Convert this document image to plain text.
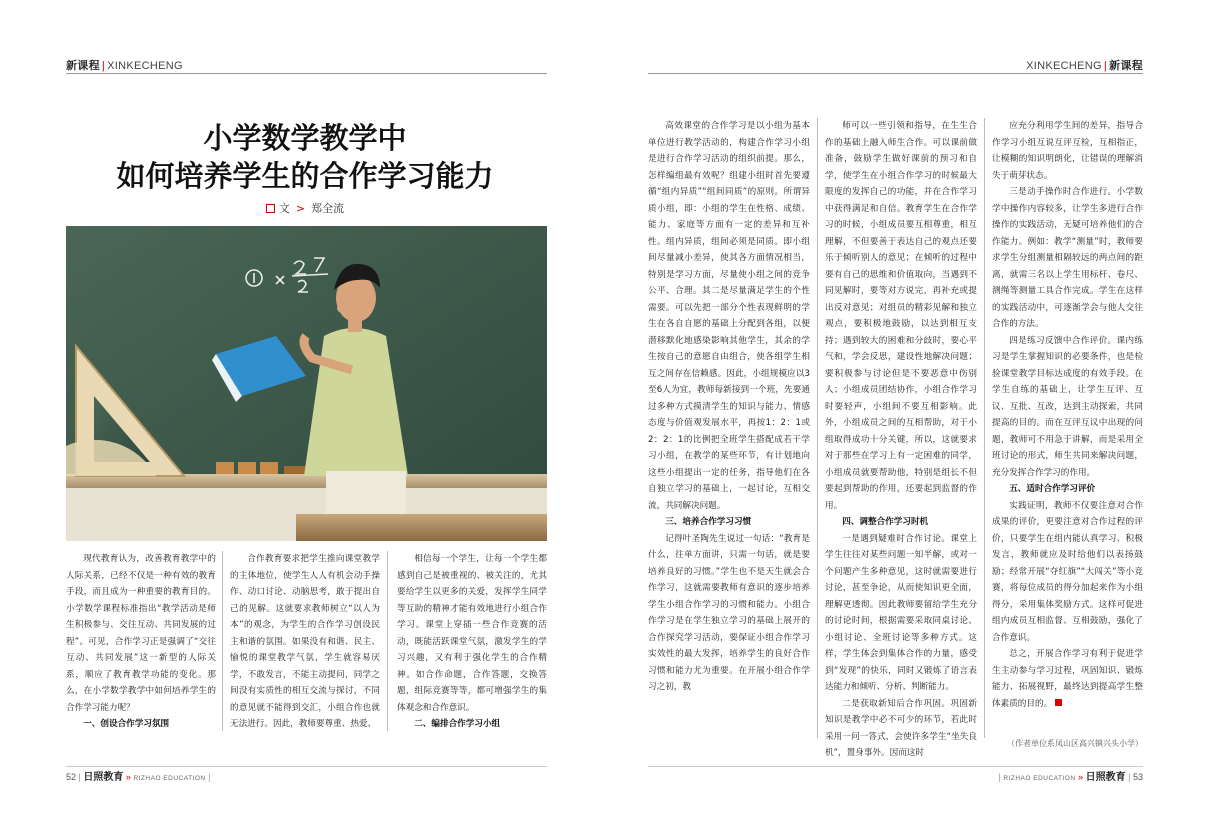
新课程 | XINKECHENG	XINKECHENG | 新课程
小学数学教学中
如何培养学生的合作学习能力
文 > 郑全流

现代教育认为，改善教育教学中的人际关系，已经不仅是一种有效的教育手段，而且成为一种重要的教育目的。小学数学课程标准指出“教学活动是师生积极参与、交往互动、共同发展的过程”。可见，合作学习正是强调了“交往互动、共同发展”这一新型的人际关系，顺应了教育教学功能的变化。那么，在小学数学教学中如何培养学生的合作学习能力呢？

一、创设合作学习氛围

合作教育要求把学生推向课堂教学的主体地位，使学生人人有机会动手操作、动口讨论、动脑思考，敢于提出自己的见解。这就要求教师树立“以人为本”的观念，为学生的合作学习创设民主和谐的氛围。如果没有和谐、民主、愉悦的课堂教学气氛，学生就容易厌学，不敢发言，不能主动提问，同学之间没有实质性的相互交流与探讨，不同的意见就不能得到交汇，小组合作也就无法进行。因此，教师要尊重、热爱、

相信每一个学生，让每一个学生都感到自己是被重视的、被关注的，尤其要给学生以更多的关爱，发挥学生同学等互助的精神才能有效地进行小组合作学习。课堂上穿插一些合作竞赛的活动，既能活跃课堂气氛，激发学生的学习兴趣，又有利于强化学生的合作精神。如合作命题，合作答题，交换答题，组际竞赛等等，都可增强学生的集体观念和合作意识。

二、编排合作学习小组

高效课堂的合作学习是以小组为基本单位进行教学活动的，构建合作学习小组是进行合作学习活动的组织前提。那么，怎样编组最有效呢？组建小组时首先要遵循“组内异质”“组间同质”的原则。所谓异质小组，即：小组的学生在性格、成绩、能力、家庭等方面有一定的差异和互补性。组内异质，组间必须是同质。即小组间尽量减小差异，使其各方面情况相当，特别是学习方面，尽量使小组之间的竞争公平、合理。其二是尽量满足学生的个性需要。可以先把一部分个性表现鲜明的学生在各自自愿的基础上分配到各组，以便潜移默化地感染影响其他学生，其余的学生按自己的意愿自由组合，使各组学生相互之间存在信赖感。因此，小组规模应以3至6人为宜，教师每新接到一个班，先要通过多种方式摸清学生的知识与能力、情感态度与价值观发展水平，再按1：2：1或2：2：1的比例把全班学生搭配成若干学习小组，在教学的某些环节，有计划地向这些小组提出一定的任务，指导他们在各自独立学习的基础上，一起讨论，互相交流，共同解决问题。

三、培养合作学习习惯

记得叶圣陶先生说过一句话：“教育是什么，往单方面讲，只需一句话，就是要培养良好的习惯。”学生也不是天生就会合作学习，这就需要教师有意识的逐步培养学生小组合作学习的习惯和能力。小组合作学习是在学生独立学习的基础上展开的合作探究学习活动，要保证小组合作学习实效性的最大发挥，培养学生的良好合作习惯和能力尤为重要。在开展小组合作学习之初，教

师可以一些引领和指导，在生生合作的基础上融入师生合作。可以课前做准备，鼓励学生做好课前的预习和自学，使学生在小组合作学习的时候最大限度的发挥自己的功能，并在合作学习中获得满足和自信。教育学生在合作学习的时候，小组成员要互相尊重，相互理解，不但要善于表达自己的观点还要乐于倾听别人的意见；在倾听的过程中要有自己的思维和价值取向，当遇到不同见解时，要等对方说完，再补充或提出反对意见；对组员的精彩见解和独立观点，要积极地鼓励，以达到相互支持；遇到较大的困难和分歧时，要心平气和，学会反思，建设性地解决问题；要积极参与讨论但是不要恶意中伤别人；小组成员团结协作，小组合作学习时要轻声，小组间不要互相影响。此外，小组成员之间的互相帮助，对于小组取得成功十分关键，所以，这就要求对于那些在学习上有一定困难的同学，小组成员就要帮助他，特别是组长不但要起到帮助的作用，还要起到监督的作用。

四、调整合作学习时机

一是遇到疑难时合作讨论。课堂上学生往往对某些问题一知半解，或对一个问题产生多种意见，这时就需要进行讨论，甚至争论，从而使知识更全面，理解更透彻。因此教师要留给学生充分的讨论时间，根据需要采取同桌讨论、小组讨论、全班讨论等多种方式。这样，学生体会到集体合作的力量，感受到“发现”的快乐，同时又锻炼了语言表达能力和倾听、分析、判断能力。

二是获取新知后合作巩固。巩固新知识是教学中必不可少的环节，若此时采用一问一答式，会使许多学生“坐失良机”，置身事外。因而这时

应充分利用学生间的差异，指导合作学习小组互说互评互检，互相指正，让模糊的知识明朗化，让错误的理解消失于萌芽状态。

三是动手操作时合作进行。小学数学中操作内容较多，让学生多进行合作操作的实践活动，无疑可培养他们的合作能力。例如：教学“测量”时，教师要求学生分组测量相隔较远的两点间的距离，就需三名以上学生用标杆、卷尺、测绳等测量工具合作完成。学生在这样的实践活动中，可逐渐学会与他人交往合作的方法。

四是练习反馈中合作评价。课内练习是学生掌握知识的必要条件，也是检验课堂教学目标达成度的有效手段。在学生自练的基础上，让学生互评、互议、互批、互改，达到主动探索，共同提高的目的。而在互评互议中出现的问题，教师可不用急于讲解，而是采用全班讨论的形式，师生共同来解决问题，充分发挥合作学习的作用。

五、适时合作学习评价

实践证明，教师不仅要注意对合作成果的评价，更要注意对合作过程的评价，只要学生在组内能认真学习、积极发言，教师就应及时给他们以表扬鼓励；经常开展“夺红旗”“大闯关”等小竞赛，将每位成员的得分加起来作为小组得分，采用集体奖励方式。这样可促进组内成员互相监督、互相鼓励，强化了合作意识。

总之，开展合作学习有利于促进学生主动参与学习过程，巩固知识、锻炼能力、拓展视野，最终达到提高学生整体素质的目的。

（作者单位系凤山区高兴镇兴头小学）
52 | 日照教育 » RIZHAO EDUCATION |	| RIZHAO EDUCATION » 日照教育 | 53
